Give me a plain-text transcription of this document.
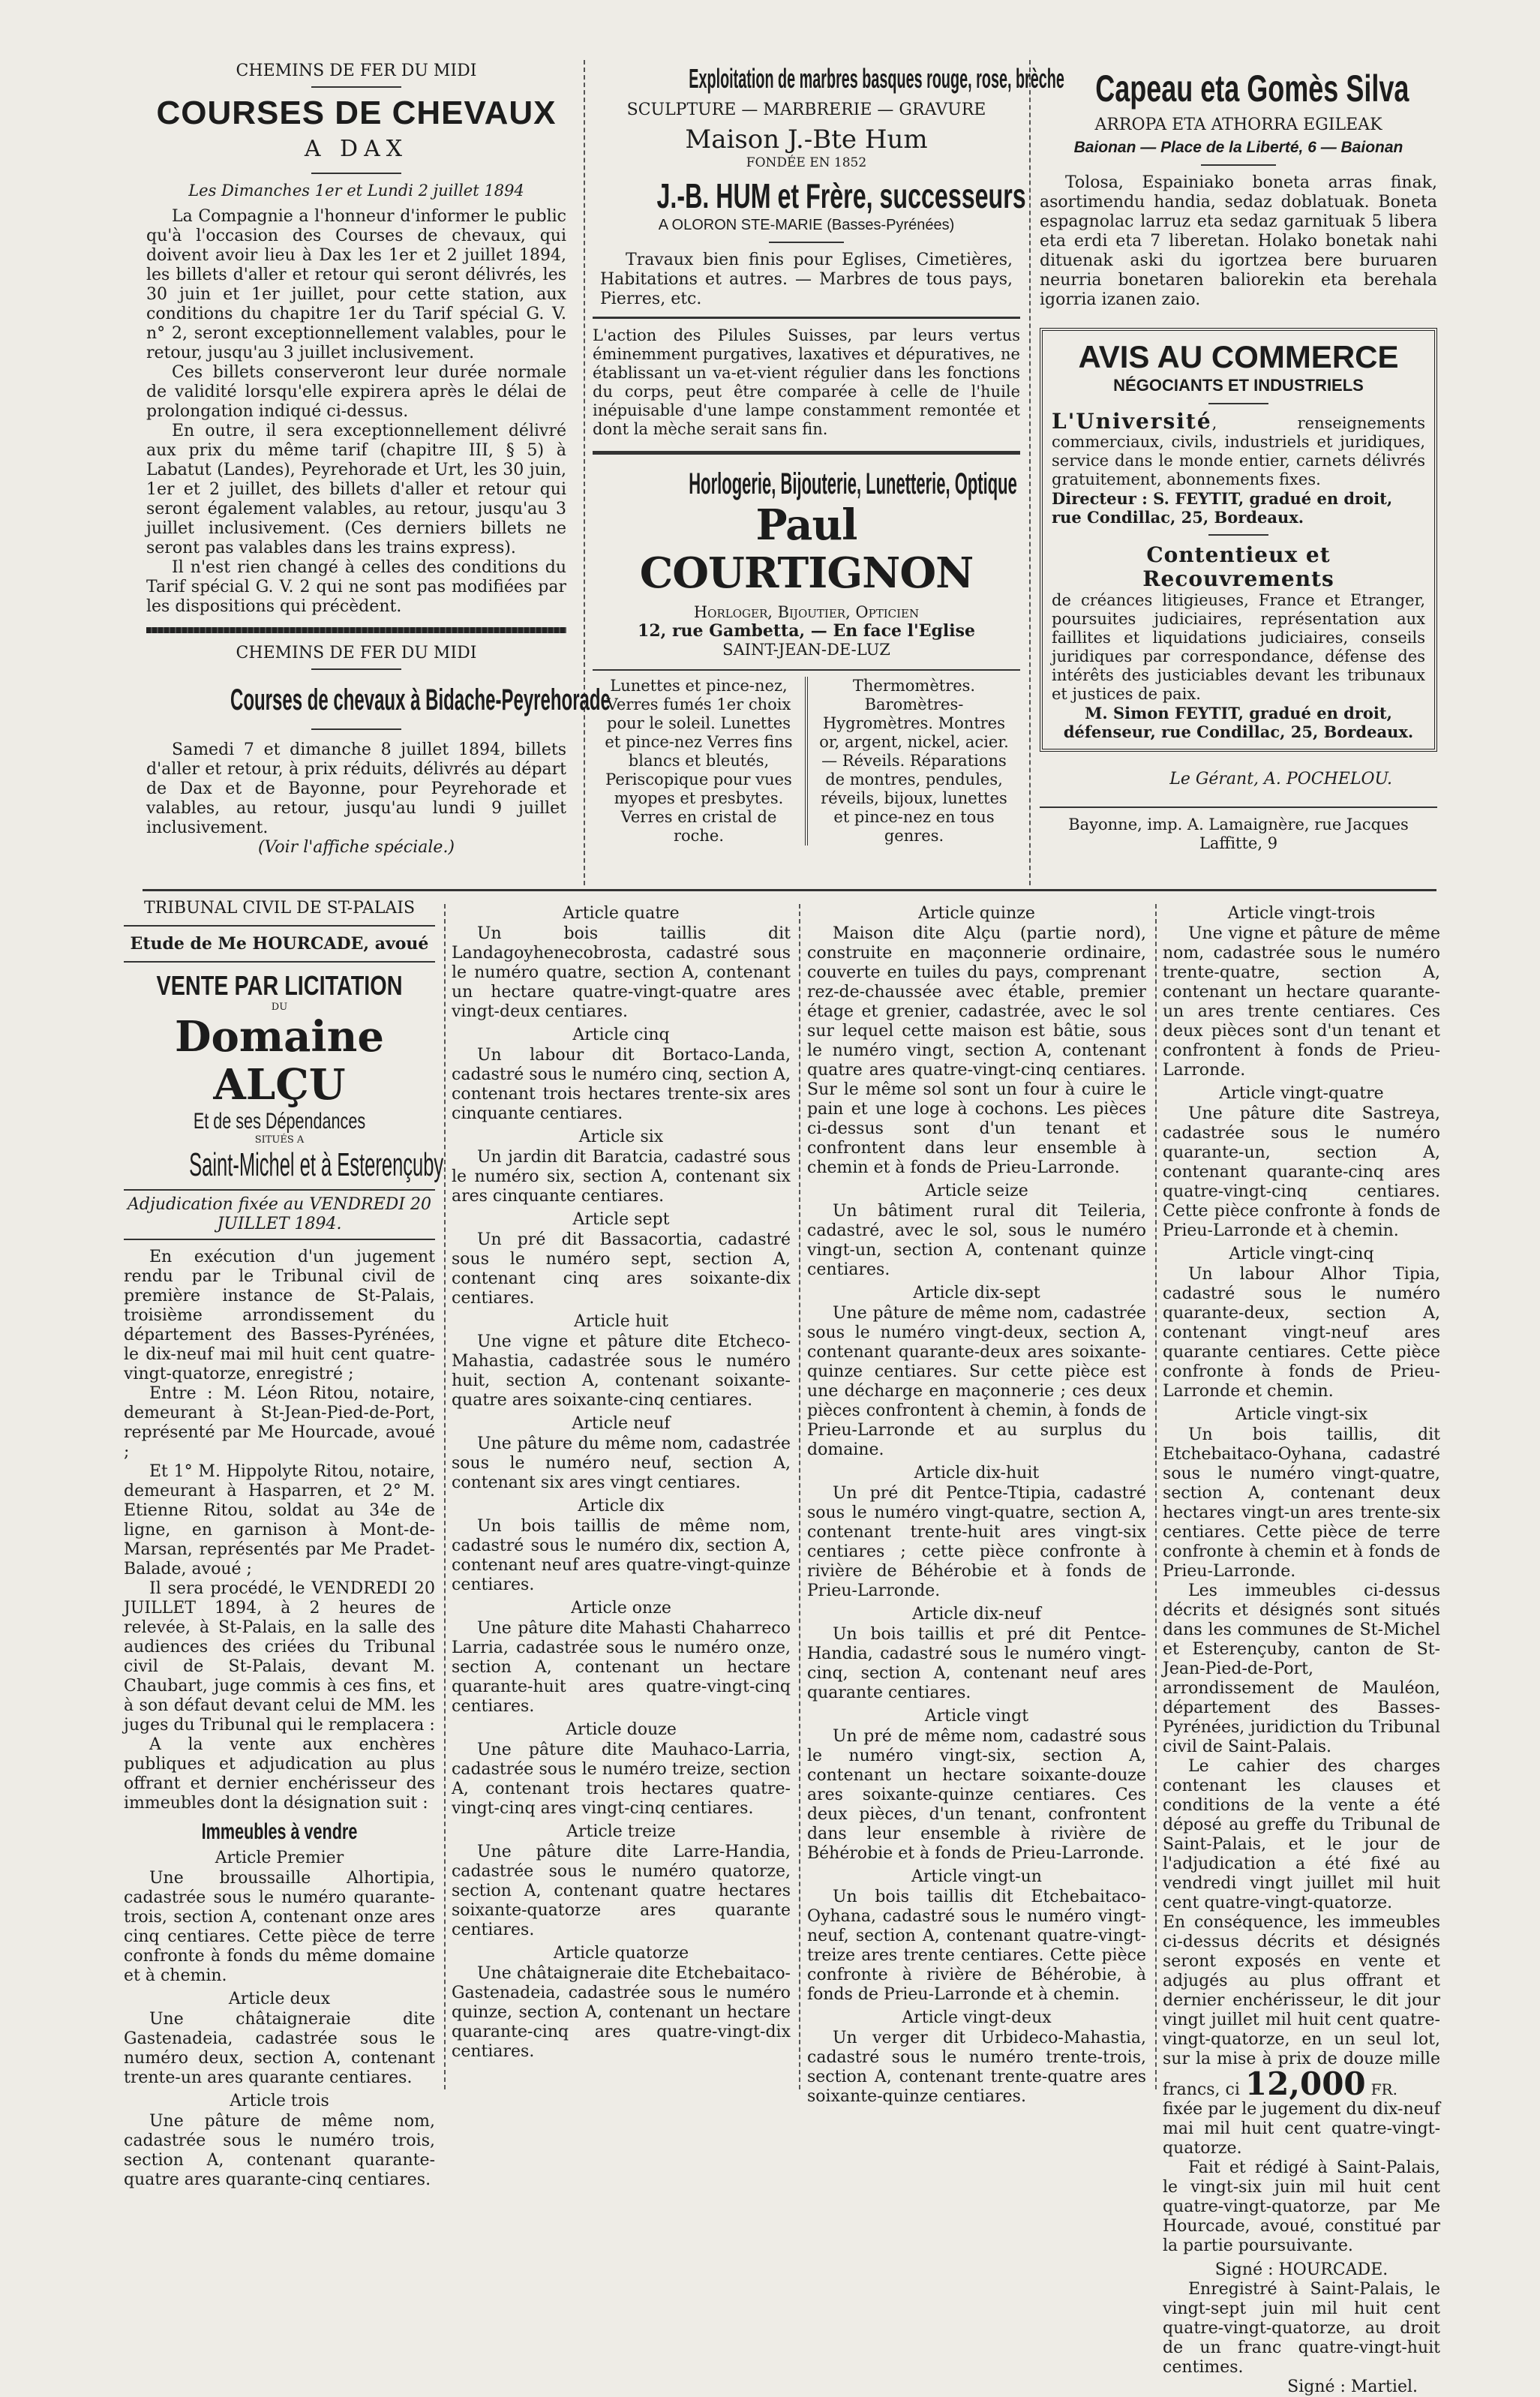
CHEMINS DE FER DU MIDI
COURSES DE CHEVAUX
A DAX
Les Dimanches 1er et Lundi 2 juillet 1894

La Compagnie a l'honneur d'informer le public qu'à l'occasion des Courses de chevaux, qui doivent avoir lieu à Dax les 1er et 2 juillet 1894, les billets d'aller et retour qui seront délivrés, les 30 juin et 1er juillet, pour cette station, aux conditions du chapitre 1er du Tarif spécial G. V. n° 2, seront exceptionnellement valables, pour le retour, jusqu'au 3 juillet inclusivement.

Ces billets conserveront leur durée normale de validité lorsqu'elle expirera après le délai de prolongation indiqué ci-dessus.

En outre, il sera exceptionnellement délivré aux prix du même tarif (chapitre III, § 5) à Labatut (Landes), Peyrehorade et Urt, les 30 juin, 1er et 2 juillet, des billets d'aller et retour qui seront également valables, au retour, jusqu'au 3 juillet inclusivement. (Ces derniers billets ne seront pas valables dans les trains express).

Il n'est rien changé à celles des conditions du Tarif spécial G. V. 2 qui ne sont pas modifiées par les dispositions qui précèdent.

CHEMINS DE FER DU MIDI
Courses de chevaux à Bidache-Peyrehorade

Samedi 7 et dimanche 8 juillet 1894, billets d'aller et retour, à prix réduits, délivrés au départ de Dax et de Bayonne, pour Peyrehorade et valables, au retour, jusqu'au lundi 9 juillet inclusivement.

(Voir l'affiche spéciale.)
Exploitation de marbres basques rouge, rose, brèche
SCULPTURE — MARBRERIE — GRAVURE
Maison J.-Bte Hum
FONDÉE EN 1852
J.-B. HUM et Frère, successeurs
A OLORON STE-MARIE (Basses-Pyrénées)

Travaux bien finis pour Eglises, Cimetières, Habitations et autres. — Marbres de tous pays, Pierres, etc.

L'action des Pilules Suisses, par leurs vertus éminemment purgatives, laxatives et dépuratives, ne établissant un va-et-vient régulier dans les fonctions du corps, peut être comparée à celle de l'huile inépuisable d'une lampe constamment remontée et dont la mèche serait sans fin.
Horlogerie, Bijouterie, Lunetterie, Optique
Paul COURTIGNON
Horloger, Bijoutier, Opticien
12, rue Gambetta, — En face l'Eglise
SAINT-JEAN-DE-LUZ
Lunettes et pince-nez, Verres fumés 1er choix pour le soleil. Lunettes et pince-nez Verres fins blancs et bleutés, Periscopique pour vues myopes et presbytes. Verres en cristal de roche.
Thermomètres. Baromètres-Hygromètres. Montres or, argent, nickel, acier. — Réveils. Réparations de montres, pendules, réveils, bijoux, lunettes et pince-nez en tous genres.
Capeau eta Gomès Silva
ARROPA ETA ATHORRA EGILEAK
Baionan — Place de la Liberté, 6 — Baionan

Tolosa, Espainiako boneta arras finak, asortimendu handia, sedaz doblatuak. Boneta espagnolac larruz eta sedaz garnituak 5 libera eta erdi eta 7 liberetan. Holako bonetak nahi dituenak aski du igortzea bere buruaren neurria bonetaren baliorekin eta berehala igorria izanen zaio.

AVIS AU COMMERCE
NÉGOCIANTS ET INDUSTRIELS
L'Université, renseignements commerciaux, civils, industriels et juridiques, service dans le monde entier, carnets délivrés gratuitement, abonnements fixes.
Directeur : S. FEYTIT, gradué en droit, rue Condillac, 25, Bordeaux.
Contentieux et Recouvrements
de créances litigieuses, France et Etranger, poursuites judiciaires, représentation aux faillites et liquidations judiciaires, conseils juridiques par correspondance, défense des intérêts des justiciables devant les tribunaux et justices de paix.
M. Simon FEYTIT, gradué en droit, défenseur, rue Condillac, 25, Bordeaux.
Le Gérant, A. POCHELOU.
Bayonne, imp. A. Lamaignère, rue Jacques Laffitte, 9
TRIBUNAL CIVIL DE ST-PALAIS
Etude de Me HOURCADE, avoué
VENTE PAR LICITATION
DU
Domaine ALÇU
Et de ses Dépendances
SITUÉS A
Saint-Michel et à Esterençuby
Adjudication fixée au VENDREDI 20 JUILLET 1894.

En exécution d'un jugement rendu par le Tribunal civil de première instance de St-Palais, troisième arrondissement du département des Basses-Pyrénées, le dix-neuf mai mil huit cent quatre-vingt-quatorze, enregistré ;

Entre : M. Léon Ritou, notaire, demeurant à St-Jean-Pied-de-Port, représenté par Me Hourcade, avoué ;

Et 1° M. Hippolyte Ritou, notaire, demeurant à Hasparren, et 2° M. Etienne Ritou, soldat au 34e de ligne, en garnison à Mont-de-Marsan, représentés par Me Pradet-Balade, avoué ;

Il sera procédé, le VENDREDI 20 JUILLET 1894, à 2 heures de relevée, à St-Palais, en la salle des audiences des criées du Tribunal civil de St-Palais, devant M. Chaubart, juge commis à ces fins, et à son défaut devant celui de MM. les juges du Tribunal qui le remplacera :

A la vente aux enchères publiques et adjudication au plus offrant et dernier enchérisseur des immeubles dont la désignation suit :

Immeubles à vendre
Article Premier

Une broussaille Alhortipia, cadastrée sous le numéro quarante-trois, section A, contenant onze ares cinq centiares. Cette pièce de terre confronte à fonds du même domaine et à chemin.

Article deux

Une châtaigneraie dite Gastenadeia, cadastrée sous le numéro deux, section A, contenant trente-un ares quarante centiares.

Article trois

Une pâture de même nom, cadastrée sous le numéro trois, section A, contenant quarante-quatre ares quarante-cinq centiares.

Article quatre

Un bois taillis dit Landagoyhenecobrosta, cadastré sous le numéro quatre, section A, contenant un hectare quatre-vingt-quatre ares vingt-deux centiares.

Article cinq

Un labour dit Bortaco-Landa, cadastré sous le numéro cinq, section A, contenant trois hectares trente-six ares cinquante centiares.

Article six

Un jardin dit Baratcia, cadastré sous le numéro six, section A, contenant six ares cinquante centiares.

Article sept

Un pré dit Bassacortia, cadastré sous le numéro sept, section A, contenant cinq ares soixante-dix centiares.

Article huit

Une vigne et pâture dite Etcheco-Mahastia, cadastrée sous le numéro huit, section A, contenant soixante-quatre ares soixante-cinq centiares.

Article neuf

Une pâture du même nom, cadastrée sous le numéro neuf, section A, contenant six ares vingt centiares.

Article dix

Un bois taillis de même nom, cadastré sous le numéro dix, section A, contenant neuf ares quatre-vingt-quinze centiares.

Article onze

Une pâture dite Mahasti Chaharreco Larria, cadastrée sous le numéro onze, section A, contenant un hectare quarante-huit ares quatre-vingt-cinq centiares.

Article douze

Une pâture dite Mauhaco-Larria, cadastrée sous le numéro treize, section A, contenant trois hectares quatre-vingt-cinq ares vingt-cinq centiares.

Article treize

Une pâture dite Larre-Handia, cadastrée sous le numéro quatorze, section A, contenant quatre hectares soixante-quatorze ares quarante centiares.

Article quatorze

Une châtaigneraie dite Etchebaitaco-Gastenadeia, cadastrée sous le numéro quinze, section A, contenant un hectare quarante-cinq ares quatre-vingt-dix centiares.

Article quinze

Maison dite Alçu (partie nord), construite en maçonnerie ordinaire, couverte en tuiles du pays, comprenant rez-de-chaussée avec étable, premier étage et grenier, cadastrée, avec le sol sur lequel cette maison est bâtie, sous le numéro vingt, section A, contenant quatre ares quatre-vingt-cinq centiares. Sur le même sol sont un four à cuire le pain et une loge à cochons. Les pièces ci-dessus sont d'un tenant et confrontent dans leur ensemble à chemin et à fonds de Prieu-Larronde.

Article seize

Un bâtiment rural dit Teileria, cadastré, avec le sol, sous le numéro vingt-un, section A, contenant quinze centiares.

Article dix-sept

Une pâture de même nom, cadastrée sous le numéro vingt-deux, section A, contenant quarante-deux ares soixante-quinze centiares. Sur cette pièce est une décharge en maçonnerie ; ces deux pièces confrontent à chemin, à fonds de Prieu-Larronde et au surplus du domaine.

Article dix-huit

Un pré dit Pentce-Ttipia, cadastré sous le numéro vingt-quatre, section A, contenant trente-huit ares vingt-six centiares ; cette pièce confronte à rivière de Béhérobie et à fonds de Prieu-Larronde.

Article dix-neuf

Un bois taillis et pré dit Pentce-Handia, cadastré sous le numéro vingt-cinq, section A, contenant neuf ares quarante centiares.

Article vingt

Un pré de même nom, cadastré sous le numéro vingt-six, section A, contenant un hectare soixante-douze ares soixante-quinze centiares. Ces deux pièces, d'un tenant, confrontent dans leur ensemble à rivière de Béhérobie et à fonds de Prieu-Larronde.

Article vingt-un

Un bois taillis dit Etchebaitaco-Oyhana, cadastré sous le numéro vingt-neuf, section A, contenant quatre-vingt-treize ares trente centiares. Cette pièce confronte à rivière de Béhérobie, à fonds de Prieu-Larronde et à chemin.

Article vingt-deux

Un verger dit Urbideco-Mahastia, cadastré sous le numéro trente-trois, section A, contenant trente-quatre ares soixante-quinze centiares.

Article vingt-trois

Une vigne et pâture de même nom, cadastrée sous le numéro trente-quatre, section A, contenant un hectare quarante-un ares trente centiares. Ces deux pièces sont d'un tenant et confrontent à fonds de Prieu-Larronde.

Article vingt-quatre

Une pâture dite Sastreya, cadastrée sous le numéro quarante-un, section A, contenant quarante-cinq ares quatre-vingt-cinq centiares. Cette pièce confronte à fonds de Prieu-Larronde et à chemin.

Article vingt-cinq

Un labour Alhor Tipia, cadastré sous le numéro quarante-deux, section A, contenant vingt-neuf ares quarante centiares. Cette pièce confronte à fonds de Prieu-Larronde et chemin.

Article vingt-six

Un bois taillis, dit Etchebaitaco-Oyhana, cadastré sous le numéro vingt-quatre, section A, contenant deux hectares vingt-un ares trente-six centiares. Cette pièce de terre confronte à chemin et à fonds de Prieu-Larronde.

Les immeubles ci-dessus décrits et désignés sont situés dans les communes de St-Michel et Esterençuby, canton de St-Jean-Pied-de-Port, arrondissement de Mauléon, département des Basses-Pyrénées, juridiction du Tribunal civil de Saint-Palais.

Le cahier des charges contenant les clauses et conditions de la vente a été déposé au greffe du Tribunal de Saint-Palais, et le jour de l'adjudication a été fixé au vendredi vingt juillet mil huit cent quatre-vingt-quatorze.

En conséquence, les immeubles ci-dessus décrits et désignés seront exposés en vente et adjugés au plus offrant et dernier enchérisseur, le dit jour vingt juillet mil huit cent quatre-vingt-quatorze, en un seul lot, sur la mise à prix de douze mille francs, ci 12,000 FR.

fixée par le jugement du dix-neuf mai mil huit cent quatre-vingt-quatorze.

Fait et rédigé à Saint-Palais, le vingt-six juin mil huit cent quatre-vingt-quatorze, par Me Hourcade, avoué, constitué par la partie poursuivante.

Signé : HOURCADE.

Enregistré à Saint-Palais, le vingt-sept juin mil huit cent quatre-vingt-quatorze, au droit de un franc quatre-vingt-huit centimes.

Signé : Martiel.
